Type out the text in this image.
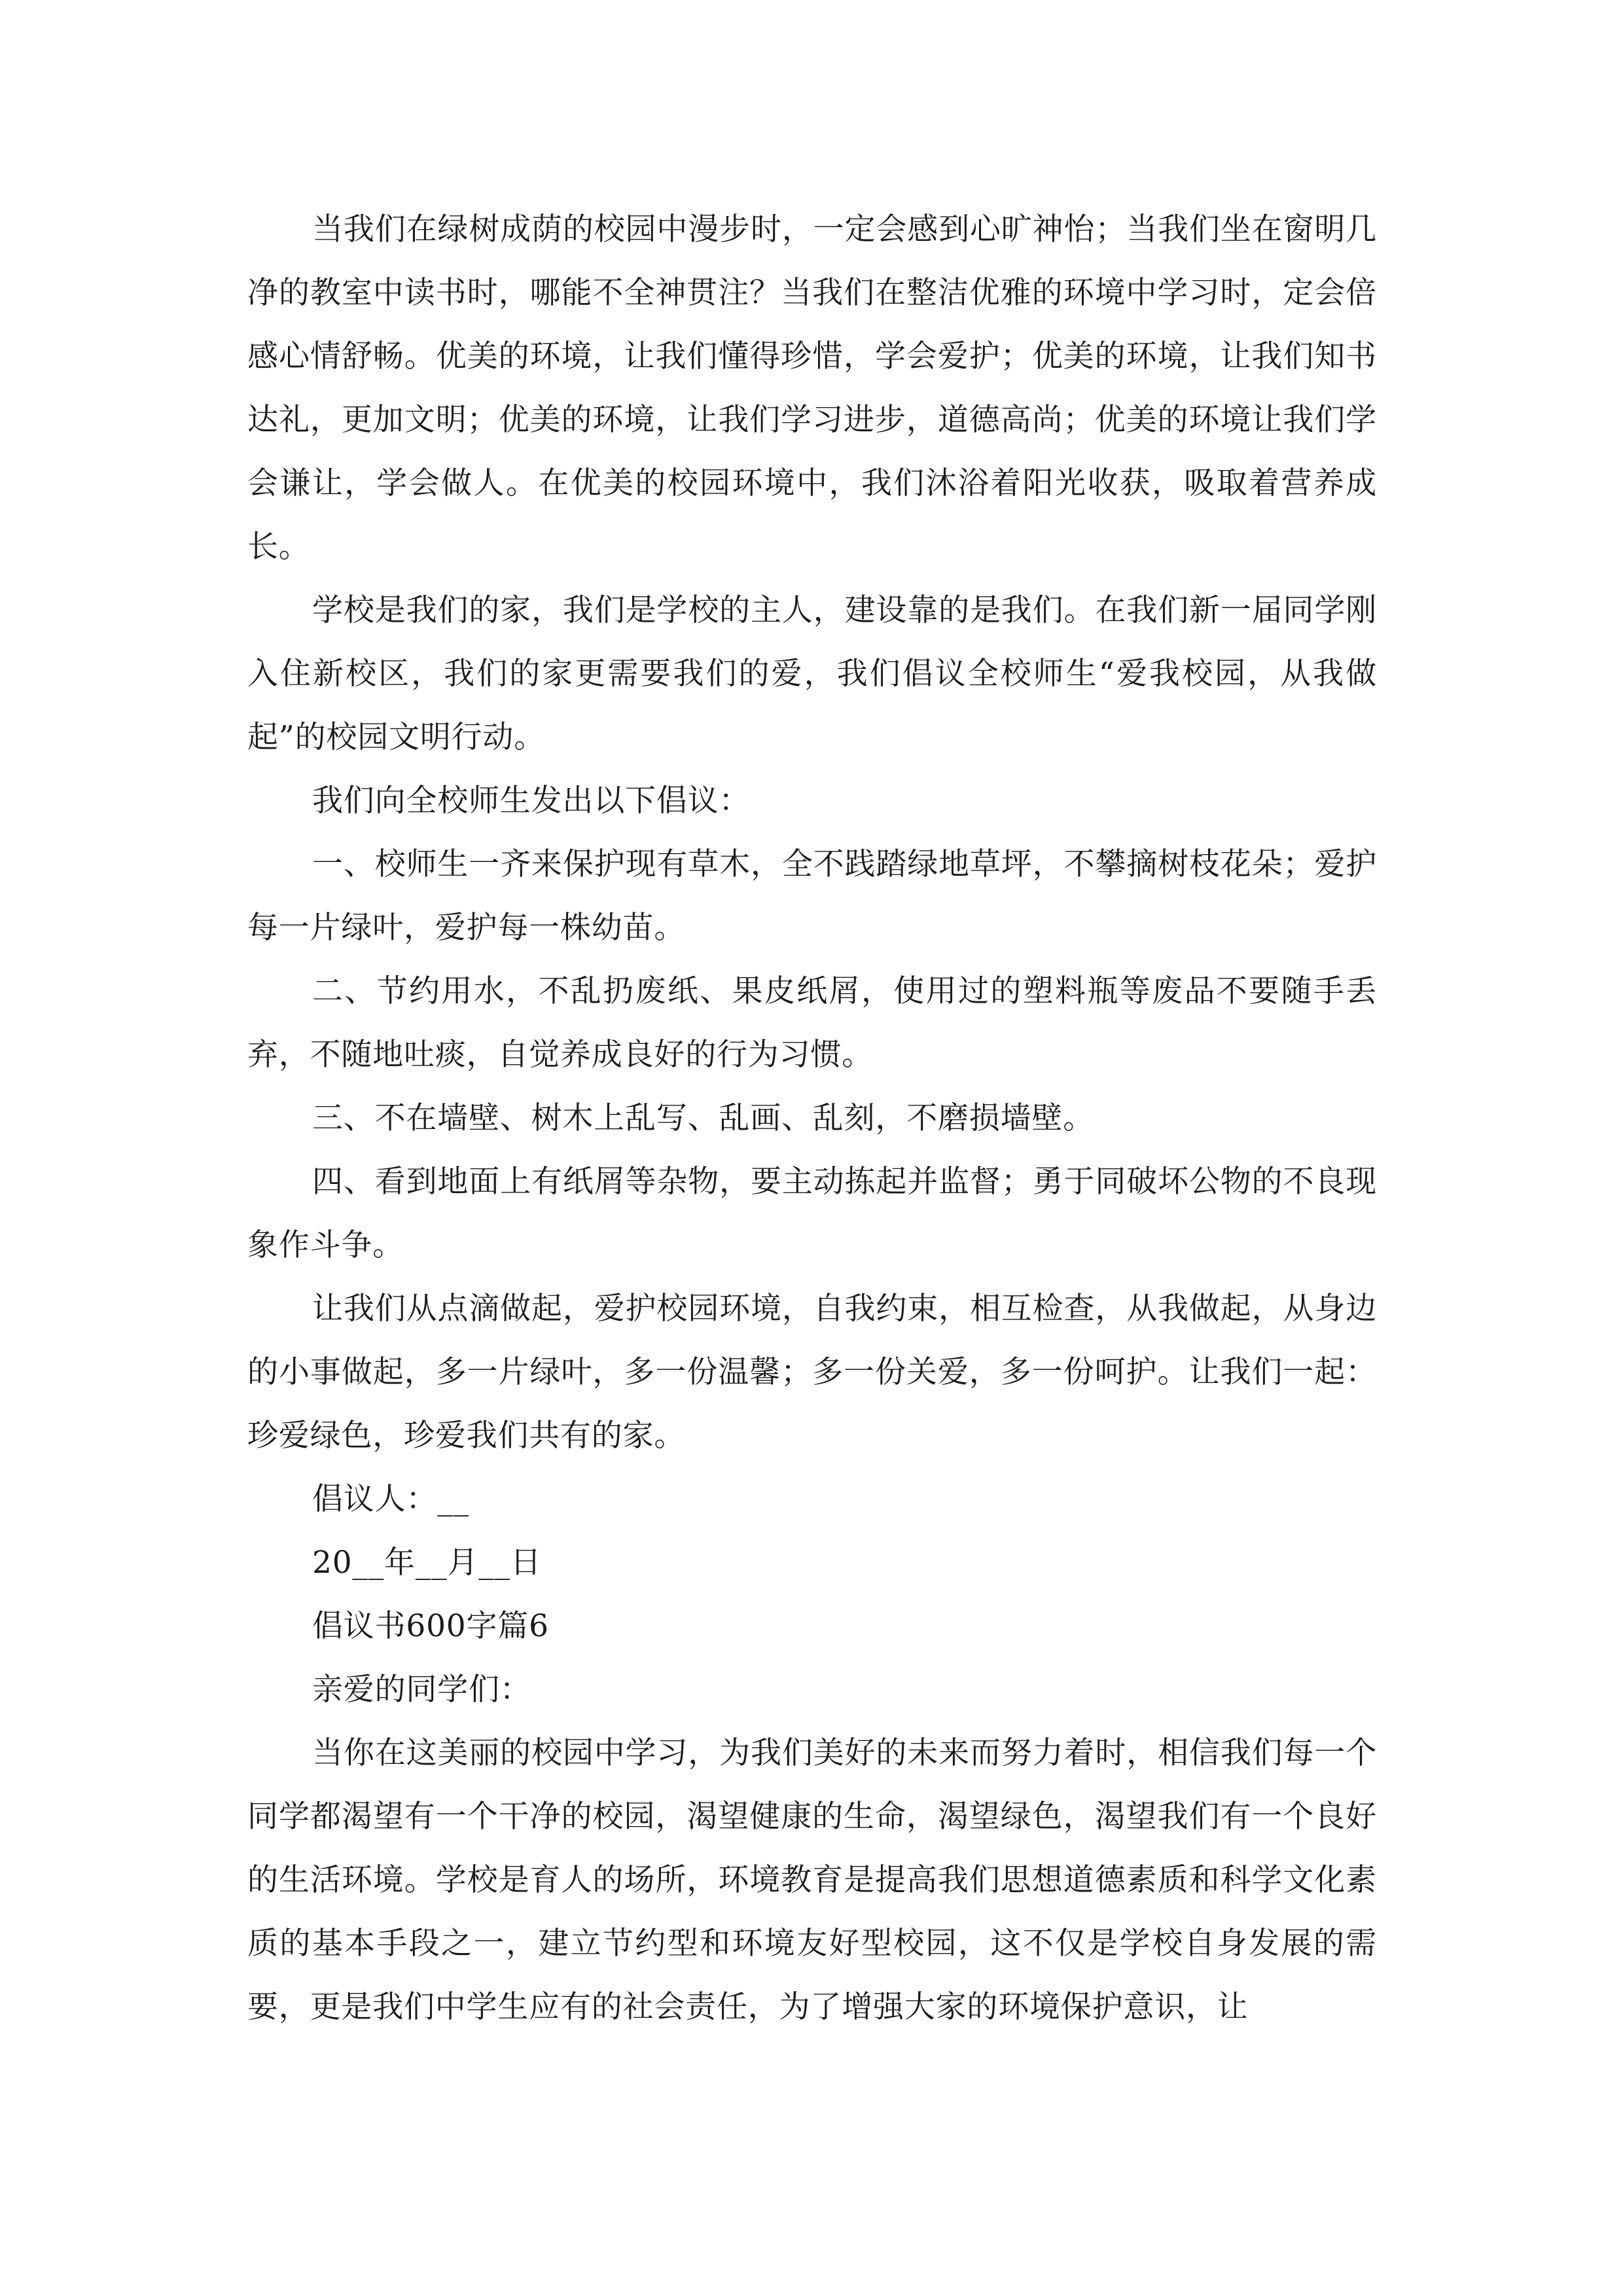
当我们在绿树成荫的校园中漫步时，一定会感到心旷神怡；当我们坐在窗明几净的教室中读书时，哪能不全神贯注？当我们在整洁优雅的环境中学习时，定会倍感心情舒畅。优美的环境，让我们懂得珍惜，学会爱护；优美的环境，让我们知书达礼，更加文明；优美的环境，让我们学习进步，道德高尚；优美的环境让我们学会谦让，学会做人。在优美的校园环境中，我们沐浴着阳光收获，吸取着营养成长。

学校是我们的家，我们是学校的主人，建设靠的是我们。在我们新一届同学刚入住新校区，我们的家更需要我们的爱，我们倡议全校师生“爱我校园，从我做起”的校园文明行动。

我们向全校师生发出以下倡议：

一、校师生一齐来保护现有草木，全不践踏绿地草坪，不攀摘树枝花朵；爱护每一片绿叶，爱护每一株幼苗。

二、节约用水，不乱扔废纸、果皮纸屑，使用过的塑料瓶等废品不要随手丢弃，不随地吐痰，自觉养成良好的行为习惯。

三、不在墙壁、树木上乱写、乱画、乱刻，不磨损墙壁。

四、看到地面上有纸屑等杂物，要主动拣起并监督；勇于同破坏公物的不良现象作斗争。

让我们从点滴做起，爱护校园环境，自我约束，相互检查，从我做起，从身边的小事做起，多一片绿叶，多一份温馨；多一份关爱，多一份呵护。让我们一起：珍爱绿色，珍爱我们共有的家。

倡议人：__

20__年__月__日

倡议书600字篇6

亲爱的同学们：

当你在这美丽的校园中学习，为我们美好的未来而努力着时，相信我们每一个同学都渴望有一个干净的校园，渴望健康的生命，渴望绿色，渴望我们有一个良好的生活环境。学校是育人的场所，环境教育是提高我们思想道德素质和科学文化素质的基本手段之一，建立节约型和环境友好型校园，这不仅是学校自身发展的需要，更是我们中学生应有的社会责任，为了增强大家的环境保护意识，让
